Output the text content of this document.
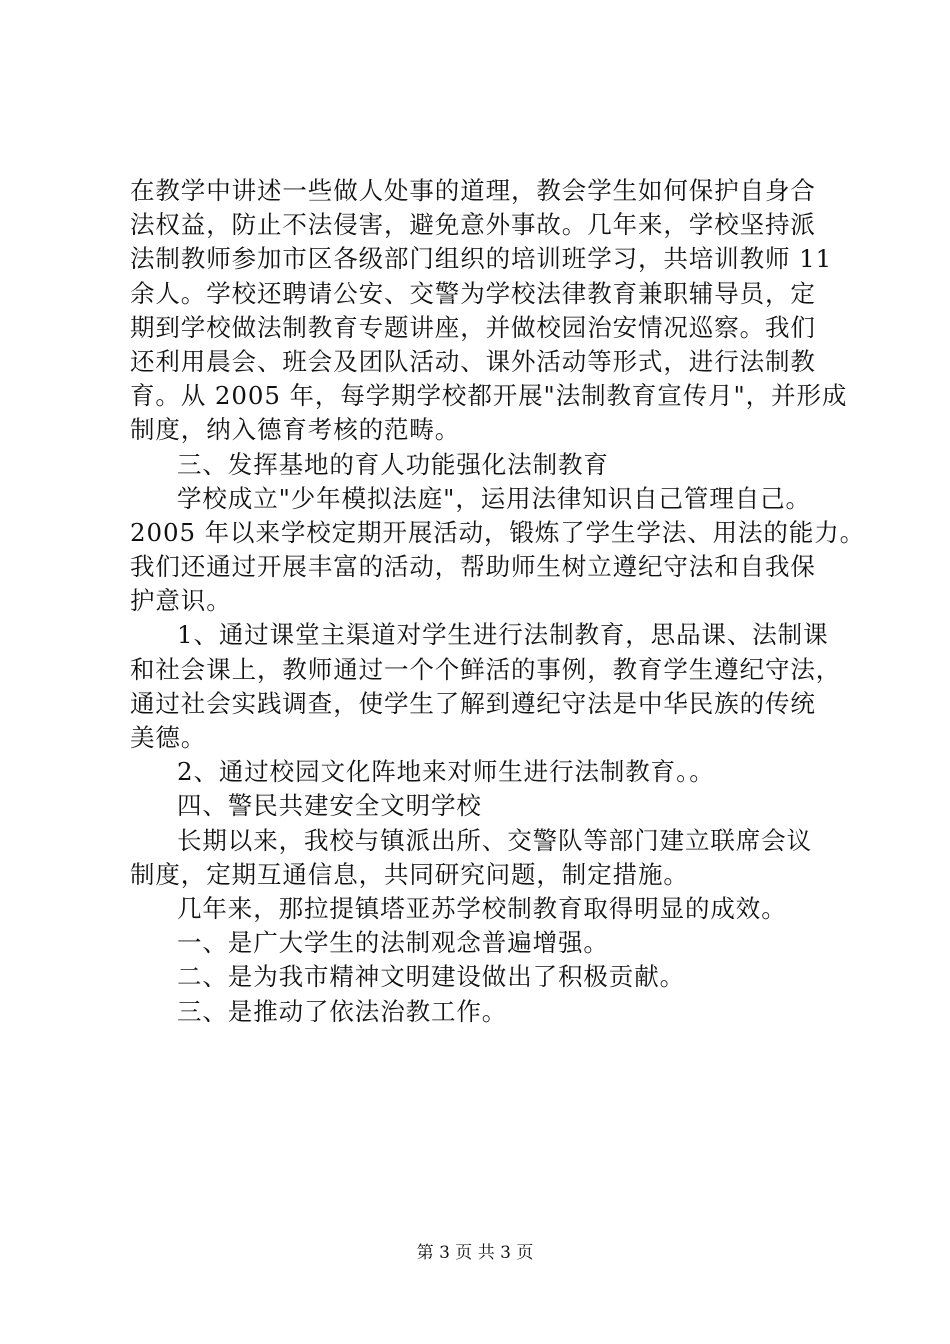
在教学中讲述一些做人处事的道理，教会学生如何保护自身合
法权益，防止不法侵害，避免意外事故。几年来，学校坚持派
法制教师参加市区各级部门组织的培训班学习，共培训教师 11
余人。学校还聘请公安、交警为学校法律教育兼职辅导员，定
期到学校做法制教育专题讲座，并做校园治安情况巡察。我们
还利用晨会、班会及团队活动、课外活动等形式，进行法制教
育。从 2005 年，每学期学校都开展"法制教育宣传月"，并形成
制度，纳入德育考核的范畴。
三、发挥基地的育人功能强化法制教育
学校成立"少年模拟法庭"，运用法律知识自己管理自己。
2005 年以来学校定期开展活动，锻炼了学生学法、用法的能力。
我们还通过开展丰富的活动，帮助师生树立遵纪守法和自我保
护意识。
1、通过课堂主渠道对学生进行法制教育，思品课、法制课
和社会课上，教师通过一个个鲜活的事例，教育学生遵纪守法，
通过社会实践调查，使学生了解到遵纪守法是中华民族的传统
美德。
2、通过校园文化阵地来对师生进行法制教育。。
四、警民共建安全文明学校
长期以来，我校与镇派出所、交警队等部门建立联席会议
制度，定期互通信息，共同研究问题，制定措施。
几年来，那拉提镇塔亚苏学校制教育取得明显的成效。
一、是广大学生的法制观念普遍增强。
二、是为我市精神文明建设做出了积极贡献。
三、是推动了依法治教工作。
第 3 页 共 3 页
